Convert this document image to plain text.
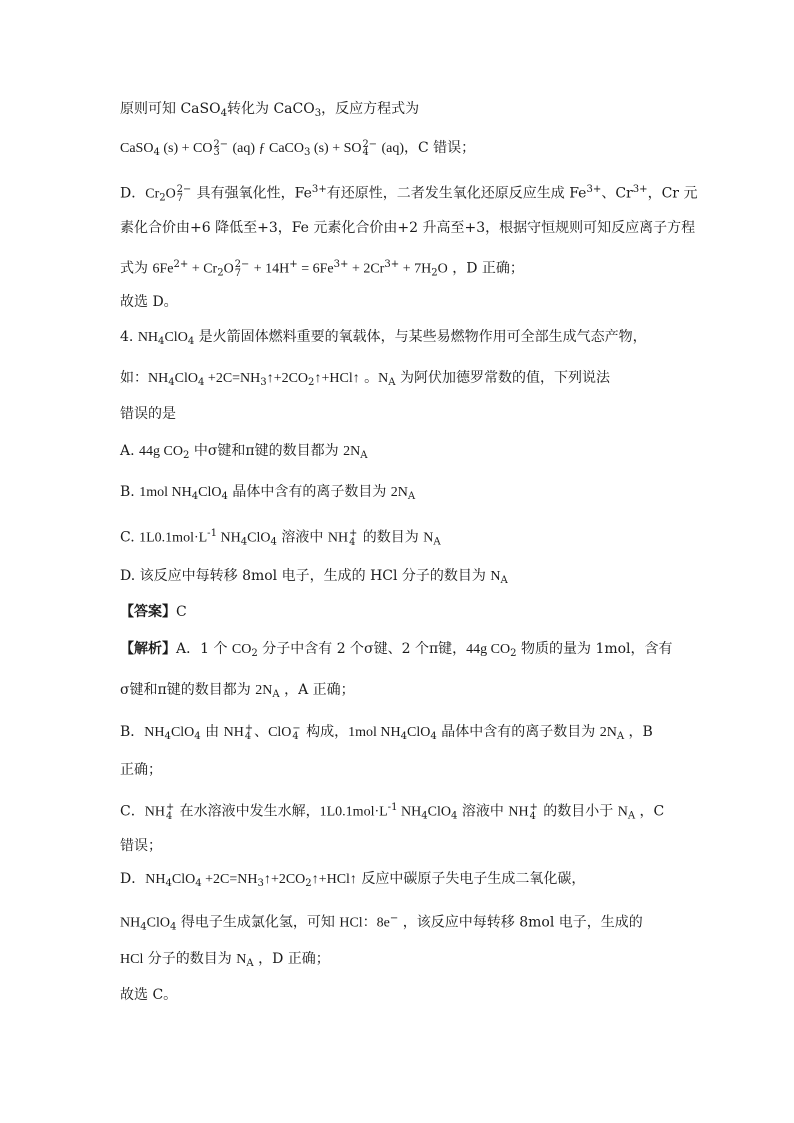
原则可知 CaSO$_4$转化为 CaCO$_3$，反应方程式为
CaSO$_4$ (s) + CO 2−
3 (aq) ƒ CaCO$_3$ (s) + SO 2−
4 (aq)，C 错误；
D．$Cr_2O$ 2−
7 具有强氧化性，$Fe^{3+}$有还原性，二者发生氧化还原反应生成 $Fe^{3+}$、$Cr^{3+}$，Cr 元
素化合价由+6 降低至+3，Fe 元素化合价由+2 升高至+3，根据守恒规则可知反应离子方程
式为 $6Fe^{2+} + Cr_2O$ 2−
$7 + 14H^+ = 6Fe^{3+} + 2Cr^{3+} + 7H_2O$ ，D 正确；
故选 D。
4. $NH_4ClO_4$ 是火箭固体燃料重要的氧载体，与某些易燃物作用可全部生成气态产物，
如：$NH_4ClO_4$ $+2C=NH_3↑+2CO_2↑+HCl↑$ 。$N_A$ 为阿伏加德罗常数的值，下列说法
错误的是
A. 44g $CO_2$ 中σ键和π键的数目都为 $2N_A$
B. 1mol $NH_4ClO_4$ 晶体中含有的离子数目为 $2N_A$
C. $1L0.1mol\cdot L^{-1}$ $NH_4ClO_4$ 溶液中 NH +
4 的数目为 $N_A$
D. 该反应中每转移 8mol 电子，生成的 HCl 分子的数目为 $N_A$
【答案】C
【解析】A．1 个 $CO_2$ 分子中含有 2 个σ键、2 个π键，44g $CO_2$ 物质的量为 1mol，含有
σ键和π键的数目都为 $2N_A$ ，A 正确；
B．$NH_4ClO_4$ 由 NH +
4 、ClO −
4 构成，1mol $NH_4ClO_4$ 晶体中含有的离子数目为 $2N_A$ ，B
正确；
C．NH +
4 在水溶液中发生水解，$1L0.1mol\cdot L^{-1}$ $NH_4ClO_4$ 溶液中 NH +
4 的数目小于 $N_A$ ，C
错误；
D．$NH_4ClO_4$ $+2C=NH_3↑+2CO_2↑+HCl↑$ 反应中碳原子失电子生成二氧化碳，
$NH_4ClO_4$ 得电子生成氯化氢，可知 HCl：8e− ，该反应中每转移 8mol 电子，生成的
HCl 分子的数目为 $N_A$ ，D 正确；
故选 C。
